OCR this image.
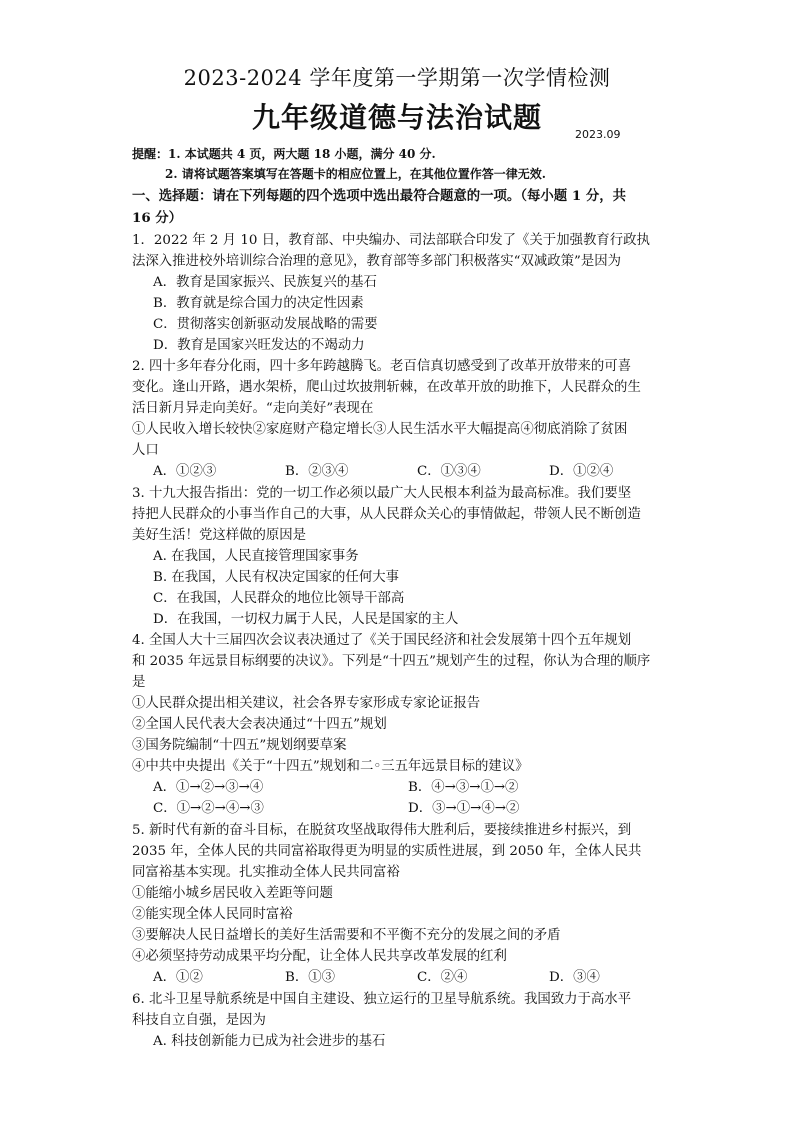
2023-2024 学年度第一学期第一次学情检测
九年级道德与法治试题
2023.09
提醒：1. 本试题共 4 页，两大题 18 小题，满分 40 分.
2. 请将试题答案填写在答题卡的相应位置上，在其他位置作答一律无效.
一、选择题：请在下列每题的四个选项中选出最符合题意的一项。（每小题 1 分，共
16 分）
1．2022 年 2 月 10 日，教育部、中央编办、司法部联合印发了《关于加强教育行政执
法深入推进校外培训综合治理的意见》，教育部等多部门积极落实“双减政策”是因为
A．教育是国家振兴、民族复兴的基石
B．教育就是综合国力的决定性因素
C．贯彻落实创新驱动发展战略的需要
D．教育是国家兴旺发达的不竭动力
2. 四十多年春分化雨，四十多年跨越腾飞。老百信真切感受到了改革开放带来的可喜
变化。逢山开路，遇水架桥，爬山过坎披荆斩棘，在改革开放的助推下，人民群众的生
活日新月异走向美好。“走向美好”表现在
①人民收入增长较快②家庭财产稳定增长③人民生活水平大幅提高④彻底消除了贫困
人口
A．①②③	B．②③④	C．①③④	D．①②④
3. 十九大报告指出：党的一切工作必须以最广大人民根本利益为最高标准。我们要坚
持把人民群众的小事当作自己的大事，从人民群众关心的事情做起，带领人民不断创造
美好生活！党这样做的原因是
A. 在我国，人民直接管理国家事务
B. 在我国，人民有权决定国家的任何大事
C．在我国，人民群众的地位比领导干部高
D．在我国，一切权力属于人民，人民是国家的主人
4. 全国人大十三届四次会议表决通过了《关于国民经济和社会发展第十四个五年规划
和 2035 年远景目标纲要的决议》。下列是“十四五”规划产生的过程，你认为合理的顺序
是
①人民群众提出相关建议，社会各界专家形成专家论证报告
②全国人民代表大会表决通过“十四五”规划
③国务院编制“十四五”规划纲要草案
④中共中央提出《关于“十四五”规划和二◦三五年远景目标的建议》
A．①→②→③→④	B．④→③→①→②
C．①→②→④→③	D．③→①→④→②
5. 新时代有新的奋斗目标，在脱贫攻坚战取得伟大胜利后，要接续推进乡村振兴，到
2035 年，全体人民的共同富裕取得更为明显的实质性进展，到 2050 年，全体人民共
同富裕基本实现。扎实推动全体人民共同富裕
①能缩小城乡居民收入差距等问题
②能实现全体人民同时富裕
③要解决人民日益增长的美好生活需要和不平衡不充分的发展之间的矛盾
④必须坚持劳动成果平均分配，让全体人民共享改革发展的红利
A．①②	B．①③	C．②④	D．③④
6. 北斗卫星导航系统是中国自主建设、独立运行的卫星导航系统。我国致力于高水平
科技自立自强，是因为
A. 科技创新能力已成为社会进步的基石
